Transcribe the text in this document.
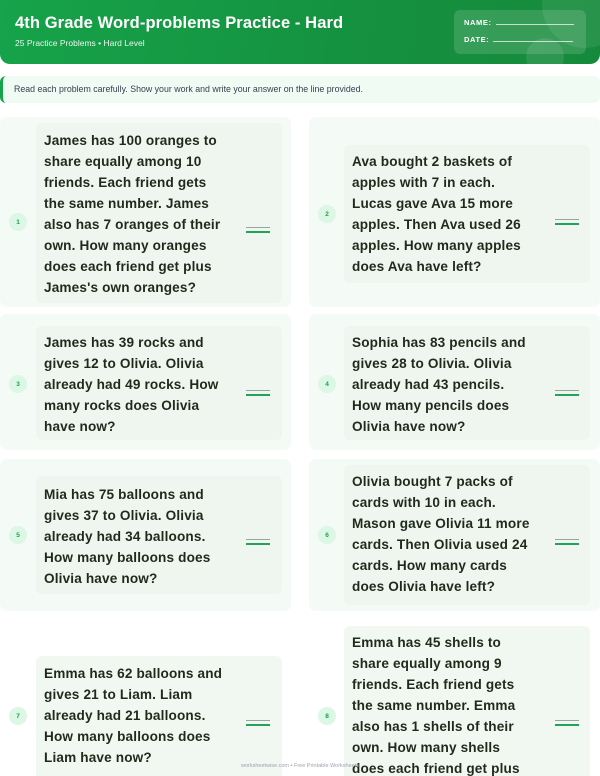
4th Grade Word-problems Practice - Hard
25 Practice Problems • Hard Level
NAME:
DATE:
Read each problem carefully. Show your work and write your answer on the line provided.
1
James has 100 oranges to
share equally among 10
friends. Each friend gets
the same number. James
also has 7 oranges of their
own. How many oranges
does each friend get plus
James's own oranges?
2
Ava bought 2 baskets of
apples with 7 in each.
Lucas gave Ava 15 more
apples. Then Ava used 26
apples. How many apples
does Ava have left?
3
James has 39 rocks and
gives 12 to Olivia. Olivia
already had 49 rocks. How
many rocks does Olivia
have now?
4
Sophia has 83 pencils and
gives 28 to Olivia. Olivia
already had 43 pencils.
How many pencils does
Olivia have now?
5
Mia has 75 balloons and
gives 37 to Olivia. Olivia
already had 34 balloons.
How many balloons does
Olivia have now?
6
Olivia bought 7 packs of
cards with 10 in each.
Mason gave Olivia 11 more
cards. Then Olivia used 24
cards. How many cards
does Olivia have left?
7
Emma has 62 balloons and
gives 21 to Liam. Liam
already had 21 balloons.
How many balloons does
Liam have now?
8
Emma has 45 shells to
share equally among 9
friends. Each friend gets
the same number. Emma
also has 1 shells of their
own. How many shells
does each friend get plus
worksheetwise.com • Free Printable Worksheets
